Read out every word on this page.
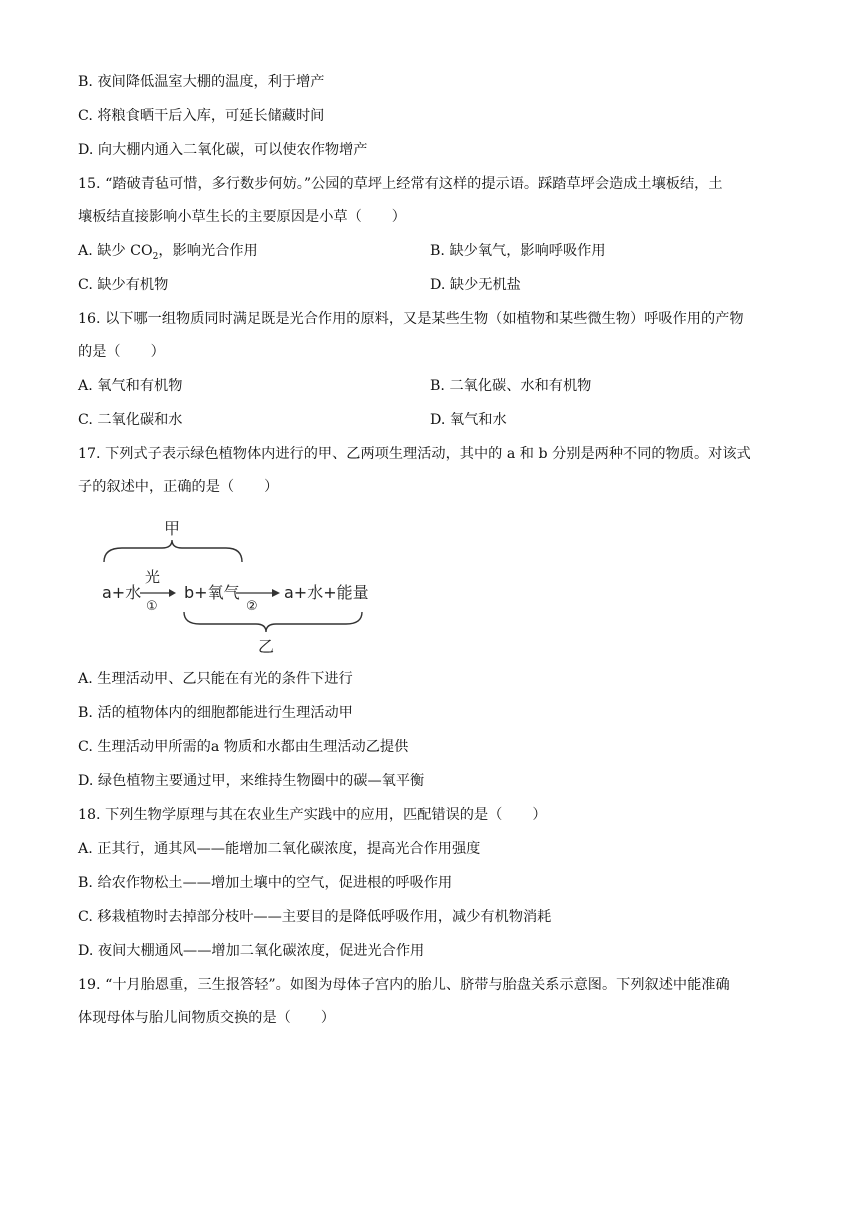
B. 夜间降低温室大棚的温度，利于增产
C. 将粮食晒干后入库，可延长储藏时间
D. 向大棚内通入二氧化碳，可以使农作物增产
15. “踏破青毡可惜，多行数步何妨。”公园的草坪上经常有这样的提示语。踩踏草坪会造成土壤板结，土
壤板结直接影响小草生长的主要原因是小草（ ）
A. 缺少 $CO_2$，影响光合作用	B. 缺少氧气，影响呼吸作用
C. 缺少有机物	D. 缺少无机盐
16. 以下哪一组物质同时满足既是光合作用的原料，又是某些生物（如植物和某些微生物）呼吸作用的产物
的是（ ）
A. 氧气和有机物	B. 二氧化碳、水和有机物
C. 二氧化碳和水	D. 氧气和水
17. 下列式子表示绿色植物体内进行的甲、乙两项生理活动，其中的 a 和 b 分别是两种不同的物质。对该式
子的叙述中，正确的是（ ）
甲
a+水
光
①
b+氧气
②
a+水+能量
乙
A. 生理活动甲、乙只能在有光的条件下进行
B. 活的植物体内的细胞都能进行生理活动甲
C. 生理活动甲所需的a 物质和水都由生理活动乙提供
D. 绿色植物主要通过甲，来维持生物圈中的碳—氧平衡
18. 下列生物学原理与其在农业生产实践中的应用，匹配错误的是（ ）
A. 正其行，通其风——能增加二氧化碳浓度，提高光合作用强度
B. 给农作物松土——增加土壤中的空气，促进根的呼吸作用
C. 移栽植物时去掉部分枝叶——主要目的是降低呼吸作用，减少有机物消耗
D. 夜间大棚通风——增加二氧化碳浓度，促进光合作用
19. “十月胎恩重，三生报答轻”。如图为母体子宫内的胎儿、脐带与胎盘关系示意图。下列叙述中能准确
体现母体与胎儿间物质交换的是（ ）
